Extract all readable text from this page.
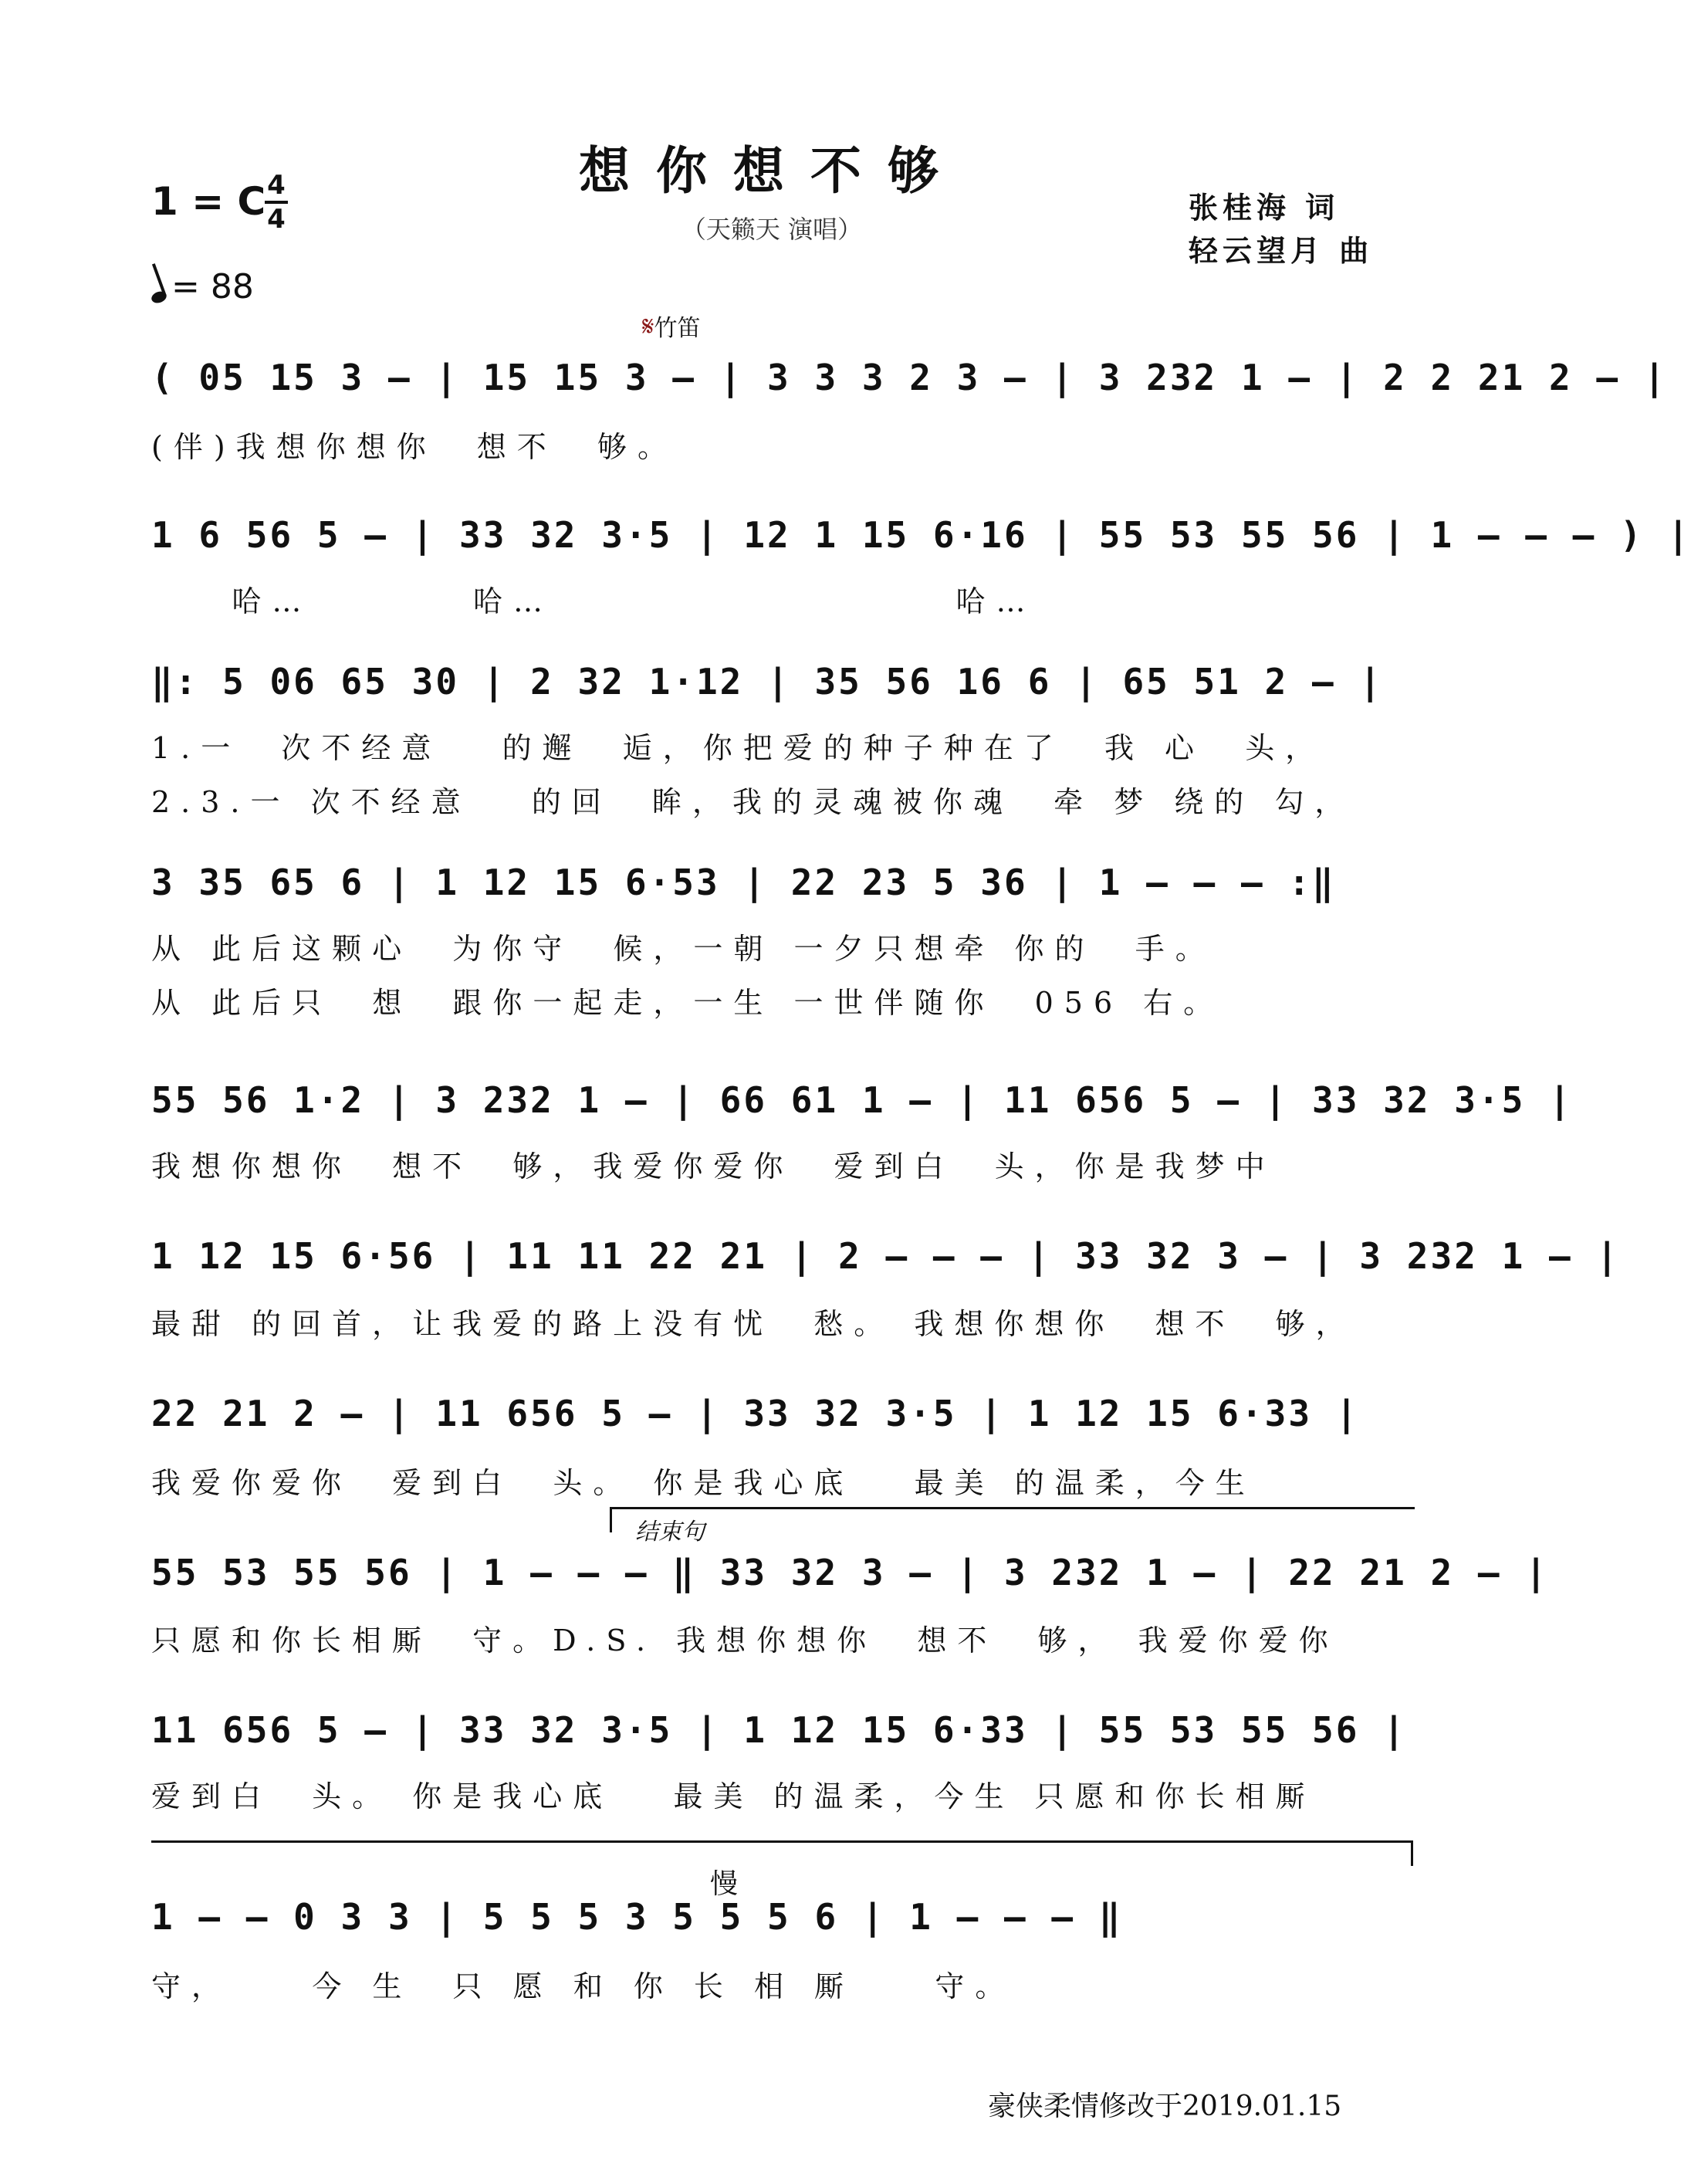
想你想不够
（天籁天 演唱）
1 = C 4
4
= 88
张桂海 词
轻云望月 曲
𝄋竹笛
( 05 15 3 – | 15 15 3 – | 3 3 3 2 3 – | 3 232 1 – | 2 2 21 2 – |
(伴)我想你想你  想不  够。
1 6 56 5 – | 33 32 3·5 | 12 1 15 6·16 | 55 53 55 56 | 1 – – – ) |
哈…        哈…                    哈…
‖: 5 06 65 30 | 2 32 1·12 | 35 56 16 6 | 65 51 2 – |
1.一  次不经意   的邂  逅，你把爱的种子种在了  我 心  头，
2.3.一 次不经意   的回  眸，我的灵魂被你魂  牵 梦 绕的 勾，
3 35 65 6 | 1 12 15 6·53 | 22 23 5 36 | 1 – – – :‖
从 此后这颗心  为你守  候，一朝 一夕只想牵 你的  手。
从 此后只  想  跟你一起走，一生 一世伴随你  056 右。
55 56 1·2 | 3 232 1 – | 66 61 1 – | 11 656 5 – | 33 32 3·5 |
我想你想你  想不  够，我爱你爱你  爱到白  头，你是我梦中
1 12 15 6·56 | 11 11 22 21 | 2 – – – | 33 32 3 – | 3 232 1 – |
最甜 的回首，让我爱的路上没有忧  愁。 我想你想你  想不  够，
22 21 2 – | 11 656 5 – | 33 32 3·5 | 1 12 15 6·33 |
我爱你爱你  爱到白  头。 你是我心底   最美 的温柔，今生
结束句
55 53 55 56 | 1 – – – ‖ 33 32 3 – | 3 232 1 – | 22 21 2 – |
只愿和你长相厮  守。D.S. 我想你想你  想不  够， 我爱你爱你
11 656 5 – | 33 32 3·5 | 1 12 15 6·33 | 55 53 55 56 |
爱到白  头。 你是我心底   最美 的温柔，今生 只愿和你长相厮
慢
1 – – 0 3 3 | 5 5 5 3 5 5 5 6 | 1 – – – ‖
守，    今 生  只 愿 和 你 长 相 厮    守。
豪侠柔情修改于2019.01.15
